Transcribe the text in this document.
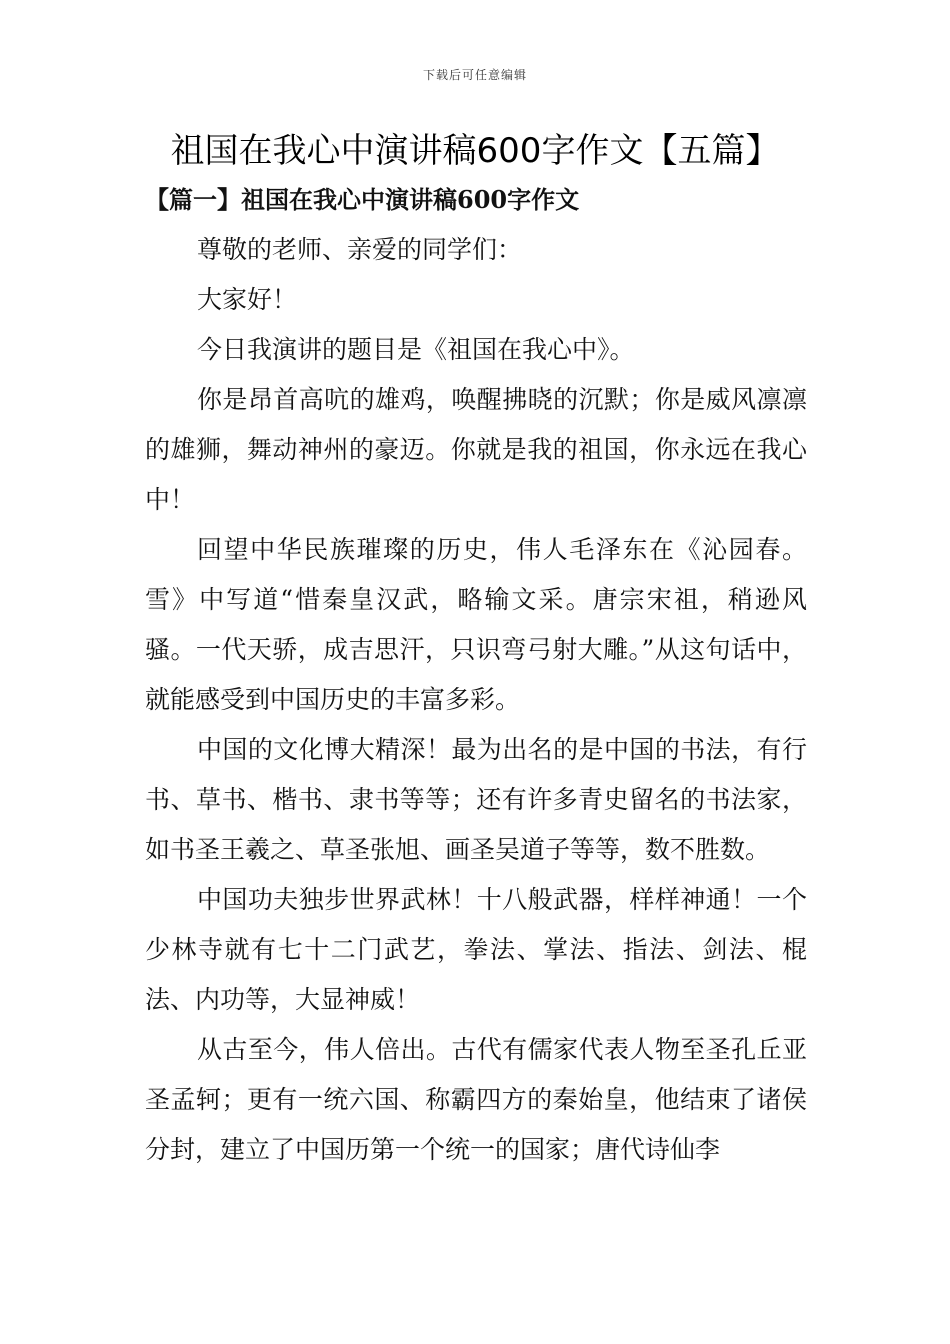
下载后可任意编辑
祖国在我心中演讲稿600字作文【五篇】
【篇一】祖国在我心中演讲稿600字作文

尊敬的老师、亲爱的同学们：

大家好！

今日我演讲的题目是《祖国在我心中》。

你是昂首高吭的雄鸡，唤醒拂晓的沉默；你是威风凛凛的雄狮，舞动神州的豪迈。你就是我的祖国，你永远在我心中！

回望中华民族璀璨的历史，伟人毛泽东在《沁园春。雪》中写道“惜秦皇汉武，略输文采。唐宗宋祖，稍逊风骚。一代天骄，成吉思汗，只识弯弓射大雕。”从这句话中，就能感受到中国历史的丰富多彩。

中国的文化博大精深！最为出名的是中国的书法，有行书、草书、楷书、隶书等等；还有许多青史留名的书法家，如书圣王羲之、草圣张旭、画圣吴道子等等，数不胜数。

中国功夫独步世界武林！十八般武器，样样神通！一个少林寺就有七十二门武艺，拳法、掌法、指法、剑法、棍法、内功等，大显神威！

从古至今，伟人倍出。古代有儒家代表人物至圣孔丘亚圣孟轲；更有一统六国、称霸四方的秦始皇，他结束了诸侯分封，建立了中国历第一个统一的国家；唐代诗仙李
